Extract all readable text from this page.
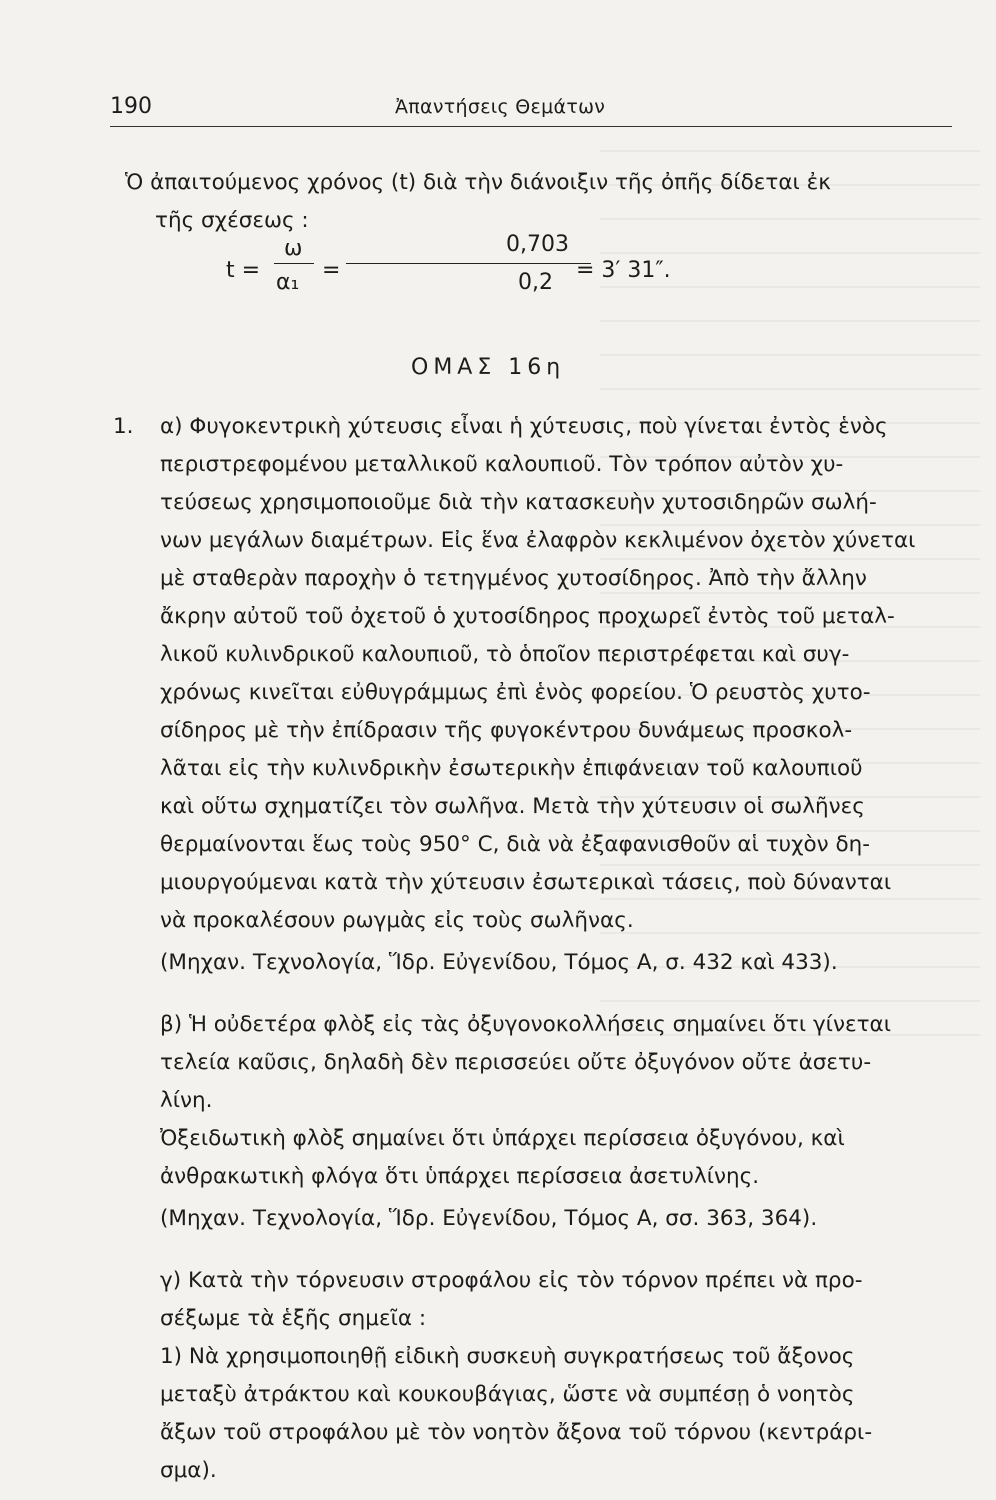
190	Ἀπαντήσεις Θεμάτων
Ὁ ἀπαιτούμενος χρόνος (t) διὰ τὴν διάνοιξιν τῆς ὀπῆς δίδεται ἐκ
τῆς σχέσεως :
t =
ω
α₁ =
0,703
0,2 = 3′ 31″.
ΟΜΑΣ 16η
1. α) Φυγοκεντρικὴ χύτευσις εἶναι ἡ χύτευσις, ποὺ γίνεται ἐντὸς ἑνὸς
περιστρεφομένου μεταλλικοῦ καλουπιοῦ. Τὸν τρόπον αὐτὸν χυ-
τεύσεως χρησιμοποιοῦμε διὰ τὴν κατασκευὴν χυτοσιδηρῶν σωλή-
νων μεγάλων διαμέτρων. Εἰς ἕνα ἐλαφρὸν κεκλιμένον ὀχετὸν χύνεται
μὲ σταθερὰν παροχὴν ὁ τετηγμένος χυτοσίδηρος. Ἀπὸ τὴν ἄλλην
ἄκρην αὐτοῦ τοῦ ὀχετοῦ ὁ χυτοσίδηρος προχωρεῖ ἐντὸς τοῦ μεταλ-
λικοῦ κυλινδρικοῦ καλουπιοῦ, τὸ ὁποῖον περιστρέφεται καὶ συγ-
χρόνως κινεῖται εὐθυγράμμως ἐπὶ ἑνὸς φορείου. Ὁ ρευστὸς χυτο-
σίδηρος μὲ τὴν ἐπίδρασιν τῆς φυγοκέντρου δυνάμεως προσκολ-
λᾶται εἰς τὴν κυλινδρικὴν ἐσωτερικὴν ἐπιφάνειαν τοῦ καλουπιοῦ
καὶ οὕτω σχηματίζει τὸν σωλῆνα. Μετὰ τὴν χύτευσιν οἱ σωλῆνες
θερμαίνονται ἕως τοὺς 950° C, διὰ νὰ ἐξαφανισθοῦν αἱ τυχὸν δη-
μιουργούμεναι κατὰ τὴν χύτευσιν ἐσωτερικαὶ τάσεις, ποὺ δύνανται
νὰ προκαλέσουν ρωγμὰς εἰς τοὺς σωλῆνας.
(Μηχαν. Τεχνολογία, Ἵδρ. Εὐγενίδου, Τόμος Α, σ. 432 καὶ 433).
β) Ἡ οὐδετέρα φλὸξ εἰς τὰς ὀξυγονοκολλήσεις σημαίνει ὅτι γίνεται
τελεία καῦσις, δηλαδὴ δὲν περισσεύει οὔτε ὀξυγόνον οὔτε ἀσετυ-
λίνη.
Ὀξειδωτικὴ φλὸξ σημαίνει ὅτι ὑπάρχει περίσσεια ὀξυγόνου, καὶ
ἀνθρακωτικὴ φλόγα ὅτι ὑπάρχει περίσσεια ἀσετυλίνης.
(Μηχαν. Τεχνολογία, Ἵδρ. Εὐγενίδου, Τόμος Α, σσ. 363, 364).
γ) Κατὰ τὴν τόρνευσιν στροφάλου εἰς τὸν τόρνον πρέπει νὰ προ-
σέξωμε τὰ ἑξῆς σημεῖα :
1) Νὰ χρησιμοποιηθῇ εἰδικὴ συσκευὴ συγκρατήσεως τοῦ ἄξονος
μεταξὺ ἀτράκτου καὶ κουκουβάγιας, ὥστε νὰ συμπέσῃ ὁ νοητὸς
ἄξων τοῦ στροφάλου μὲ τὸν νοητὸν ἄξονα τοῦ τόρνου (κεντράρι-
σμα).
